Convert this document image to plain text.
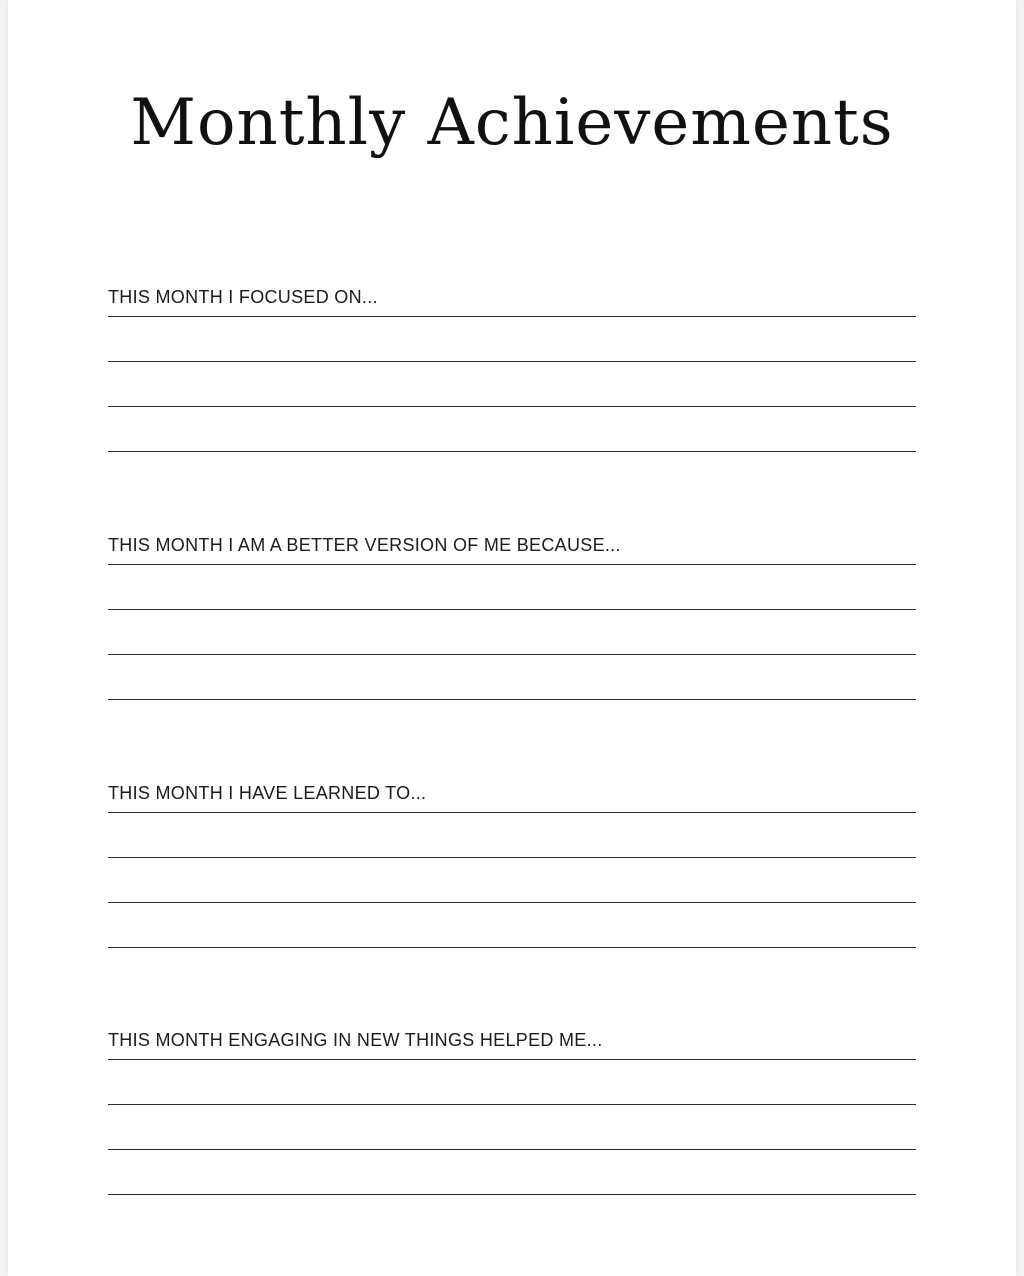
Monthly Achievements

THIS MONTH I FOCUSED ON...

THIS MONTH I AM A BETTER VERSION OF ME BECAUSE...

THIS MONTH I HAVE LEARNED TO...

THIS MONTH ENGAGING IN NEW THINGS HELPED ME...
